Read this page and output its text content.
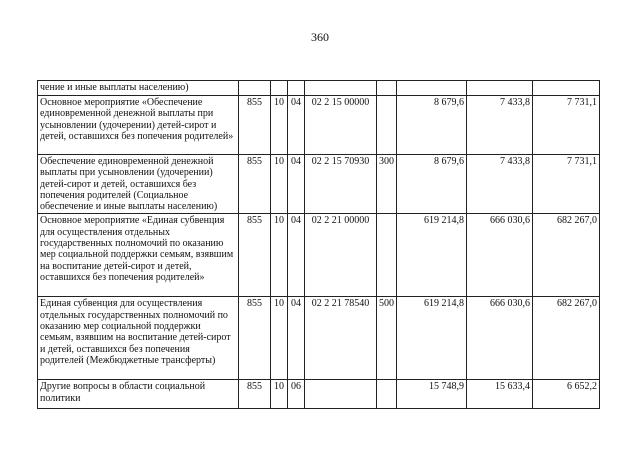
360
чение и иные выплаты населению)								
Основное мероприятие «Обеспечение единовременной денежной выплаты при усыновлении (удочерении) детей-сирот и детей, оставшихся без попечения родителей»	855	10	04	02 2 15 00000		8 679,6	7 433,8	7 731,1
Обеспечение единовременной денежной выплаты при усыновлении (удочерении) детей-сирот и детей, оставшихся без попечения родителей (Социальное обеспечение и иные выплаты населению)	855	10	04	02 2 15 70930	300	8 679,6	7 433,8	7 731,1
Основное мероприятие «Единая субвенция для осуществления отдельных государственных полномочий по оказанию мер социальной поддержки семьям, взявшим на воспитание детей-сирот и детей, оставшихся без попечения родителей»	855	10	04	02 2 21 00000		619 214,8	666 030,6	682 267,0
Единая субвенция для осуществления отдельных государственных полномочий по оказанию мер социальной поддержки семьям, взявшим на воспитание детей-сирот и детей, оставшихся без попечения родителей (Межбюджетные трансферты)	855	10	04	02 2 21 78540	500	619 214,8	666 030,6	682 267,0
Другие вопросы в области социальной политики	855	10	06			15 748,9	15 633,4	6 652,2
